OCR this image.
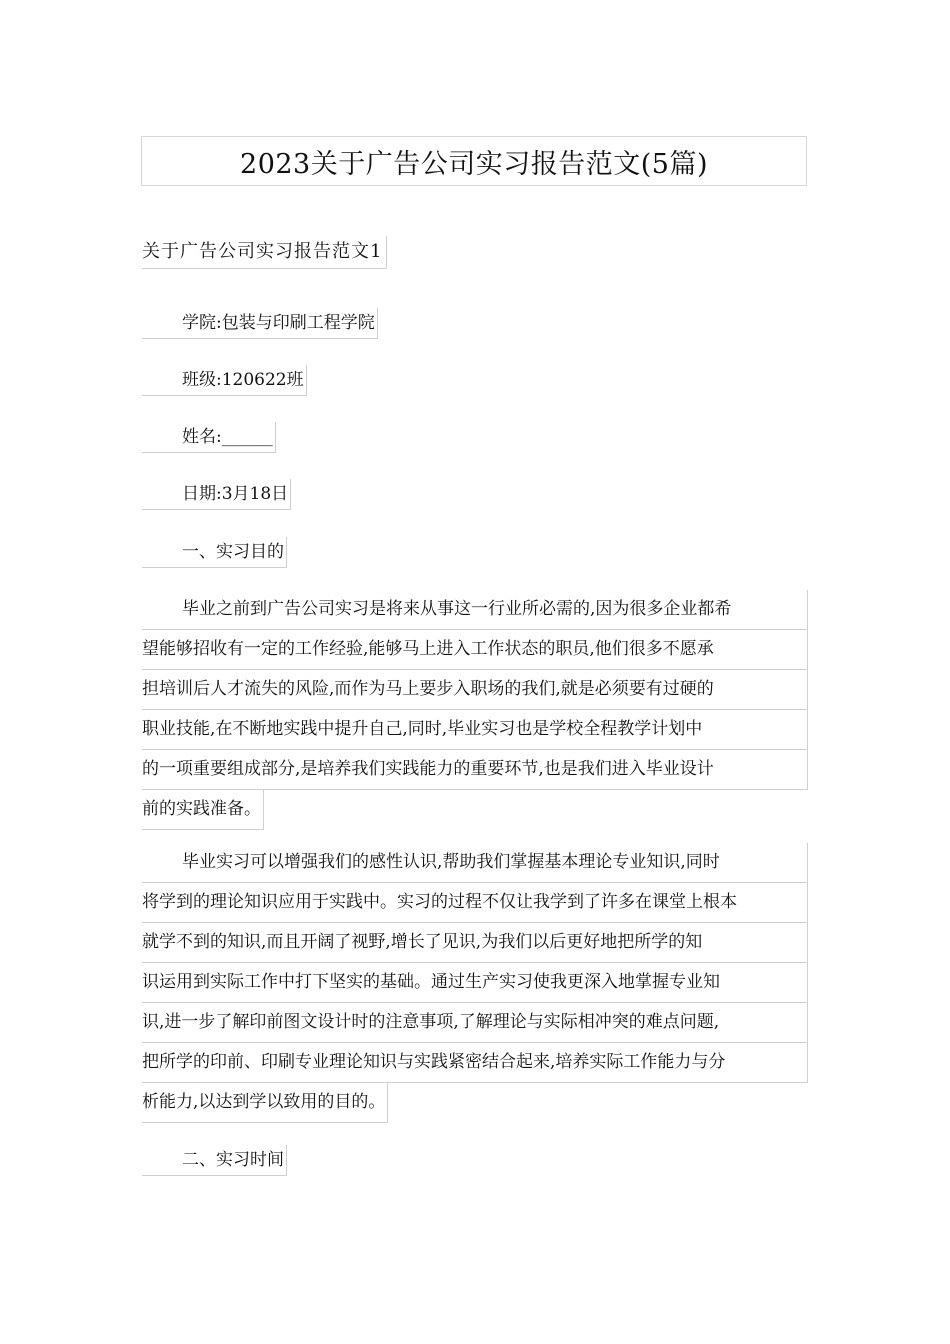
2023关于广告公司实习报告范文(5篇)
关于广告公司实习报告范文1
学院:包装与印刷工程学院
班级:120622班
姓名:______
日期:3月18日
一、实习目的
毕业之前到广告公司实习是将来从事这一行业所必需的,因为很多企业都希
望能够招收有一定的工作经验,能够马上进入工作状态的职员,他们很多不愿承
担培训后人才流失的风险,而作为马上要步入职场的我们,就是必须要有过硬的
职业技能,在不断地实践中提升自己,同时,毕业实习也是学校全程教学计划中
的一项重要组成部分,是培养我们实践能力的重要环节,也是我们进入毕业设计
前的实践准备。
毕业实习可以增强我们的感性认识,帮助我们掌握基本理论专业知识,同时
将学到的理论知识应用于实践中。实习的过程不仅让我学到了许多在课堂上根本
就学不到的知识,而且开阔了视野,增长了见识,为我们以后更好地把所学的知
识运用到实际工作中打下坚实的基础。通过生产实习使我更深入地掌握专业知
识,进一步了解印前图文设计时的注意事项,了解理论与实际相冲突的难点问题,
把所学的印前、印刷专业理论知识与实践紧密结合起来,培养实际工作能力与分
析能力,以达到学以致用的目的。
二、实习时间
